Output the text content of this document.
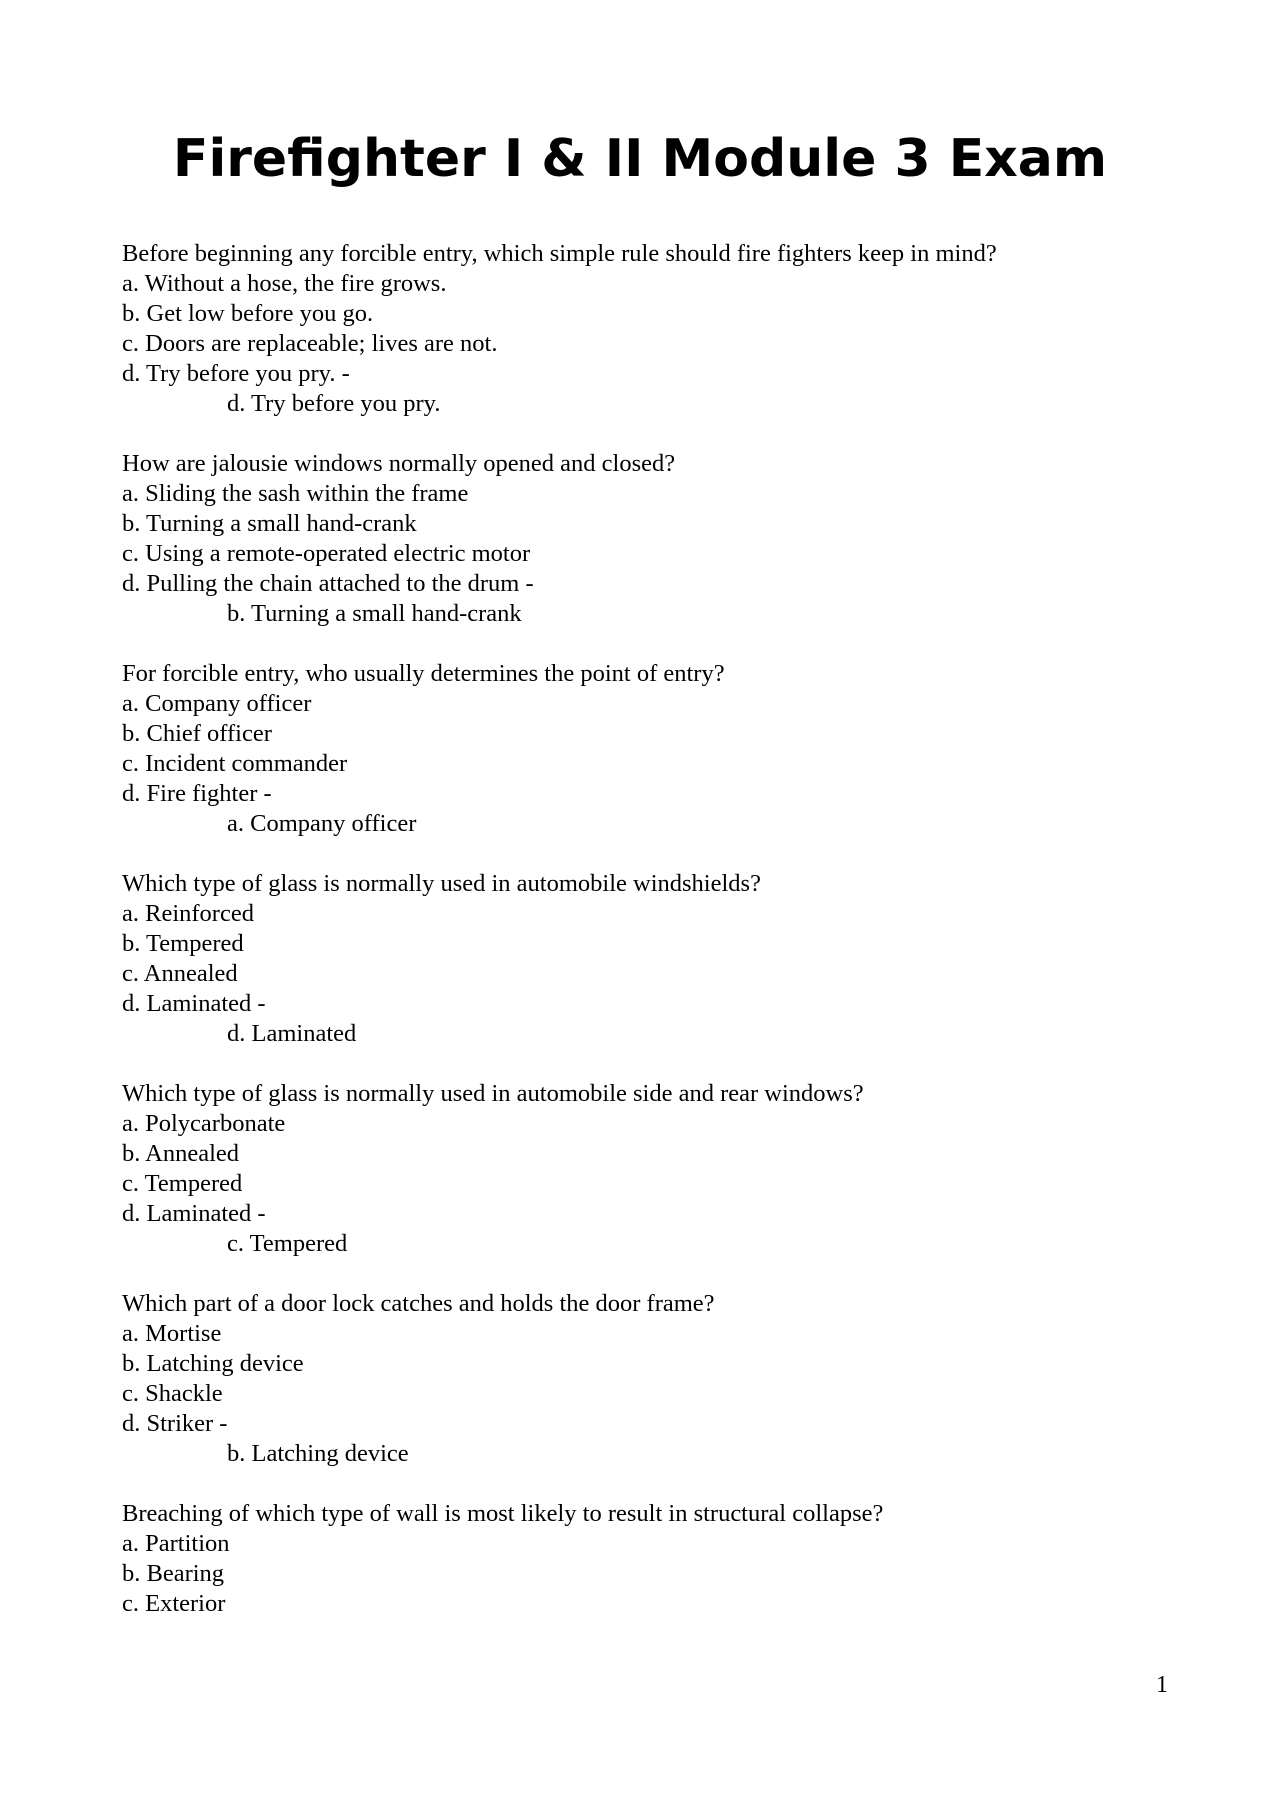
Firefighter I & II Module 3 Exam
Before beginning any forcible entry, which simple rule should fire fighters keep in mind?
a. Without a hose, the fire grows.
b. Get low before you go.
c. Doors are replaceable; lives are not.
d. Try before you pry. -
d. Try before you pry.
How are jalousie windows normally opened and closed?
a. Sliding the sash within the frame
b. Turning a small hand-crank
c. Using a remote-operated electric motor
d. Pulling the chain attached to the drum -
b. Turning a small hand-crank
For forcible entry, who usually determines the point of entry?
a. Company officer
b. Chief officer
c. Incident commander
d. Fire fighter -
a. Company officer
Which type of glass is normally used in automobile windshields?
a. Reinforced
b. Tempered
c. Annealed
d. Laminated -
d. Laminated
Which type of glass is normally used in automobile side and rear windows?
a. Polycarbonate
b. Annealed
c. Tempered
d. Laminated -
c. Tempered
Which part of a door lock catches and holds the door frame?
a. Mortise
b. Latching device
c. Shackle
d. Striker -
b. Latching device
Breaching of which type of wall is most likely to result in structural collapse?
a. Partition
b. Bearing
c. Exterior
1
